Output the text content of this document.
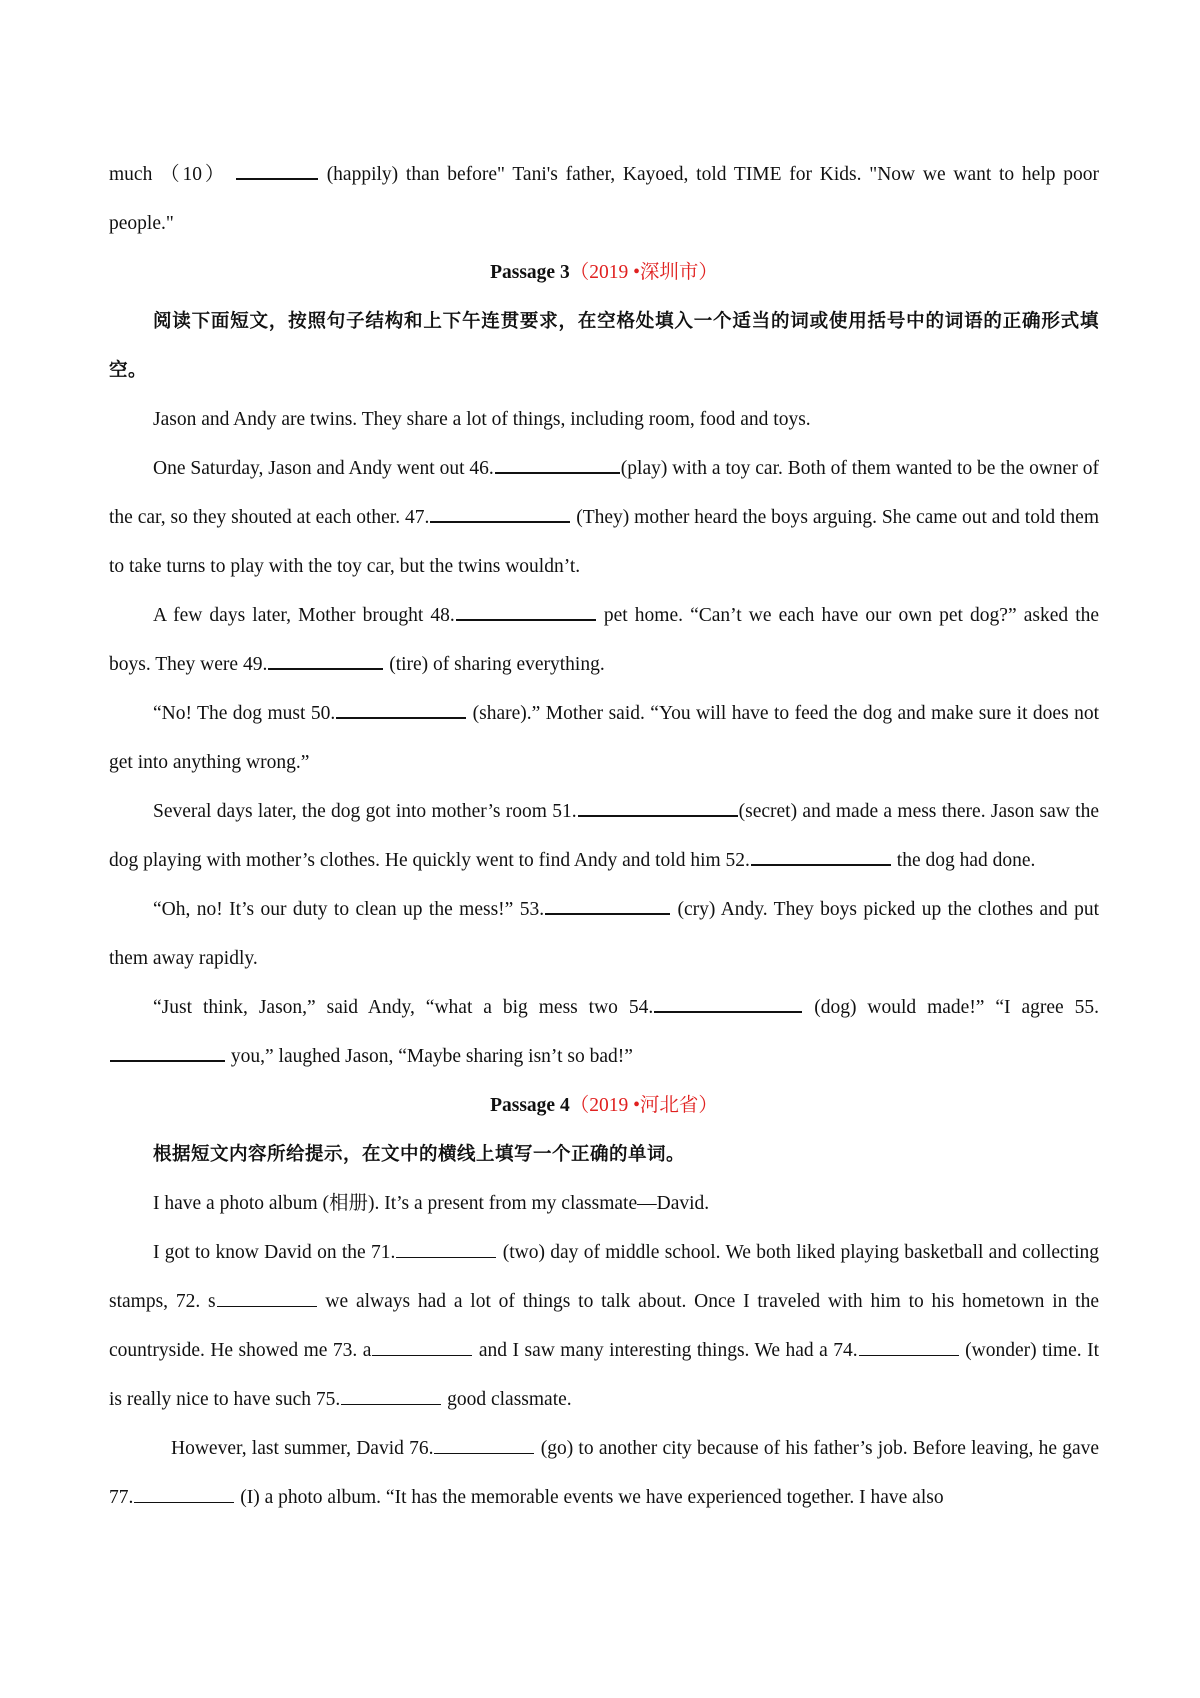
much （10）	(happily) than before" Tani's father, Kayoed, told TIME for Kids. "Now we want to help poor people."

Passage 3（2019 •深圳市）

阅读下面短文，按照句子结构和上下午连贯要求，在空格处填入一个适当的词或使用括号中的词语的正确形式填空。

Jason and Andy are twins. They share a lot of things, including room, food and toys.

One Saturday, Jason and Andy went out 46.	(play) with a toy car. Both of them wanted to be the owner of the car, so they shouted at each other. 47.	(They) mother heard the boys arguing. She came out and told them to take turns to play with the toy car, but the twins wouldn’t.

A few days later, Mother brought 48.	pet home. “Can’t we each have our own pet dog?” asked the boys. They were 49.	(tire) of sharing everything.

“No! The dog must 50.	(share).” Mother said. “You will have to feed the dog and make sure it does not get into anything wrong.”

Several days later, the dog got into mother’s room 51.	(secret) and made a mess there. Jason saw the dog playing with mother’s clothes. He quickly went to find Andy and told him 52.	the dog had done.

“Oh, no! It’s our duty to clean up the mess!” 53.	(cry) Andy. They boys picked up the clothes and put them away rapidly.

“Just think, Jason,” said Andy, “what a big mess two 54.	(dog) would made!” “I agree 55.  you,” laughed Jason, “Maybe sharing isn’t so bad!”

Passage 4（2019 •河北省）

根据短文内容所给提示，在文中的横线上填写一个正确的单词。

I have a photo album (相册). It’s a present from my classmate—David.

I got to know David on the 71.	(two) day of middle school. We both liked playing basketball and collecting stamps, 72. s	we always had a lot of things to talk about. Once I traveled with him to his hometown in the countryside. He showed me 73. a	and I saw many interesting things. We had a 74.	(wonder) time. It is really nice to have such 75.	good classmate.

However, last summer, David 76.	(go) to another city because of his father’s job. Before leaving, he gave 77.	(I) a photo album. “It has the memorable events we have experienced together. I have also
